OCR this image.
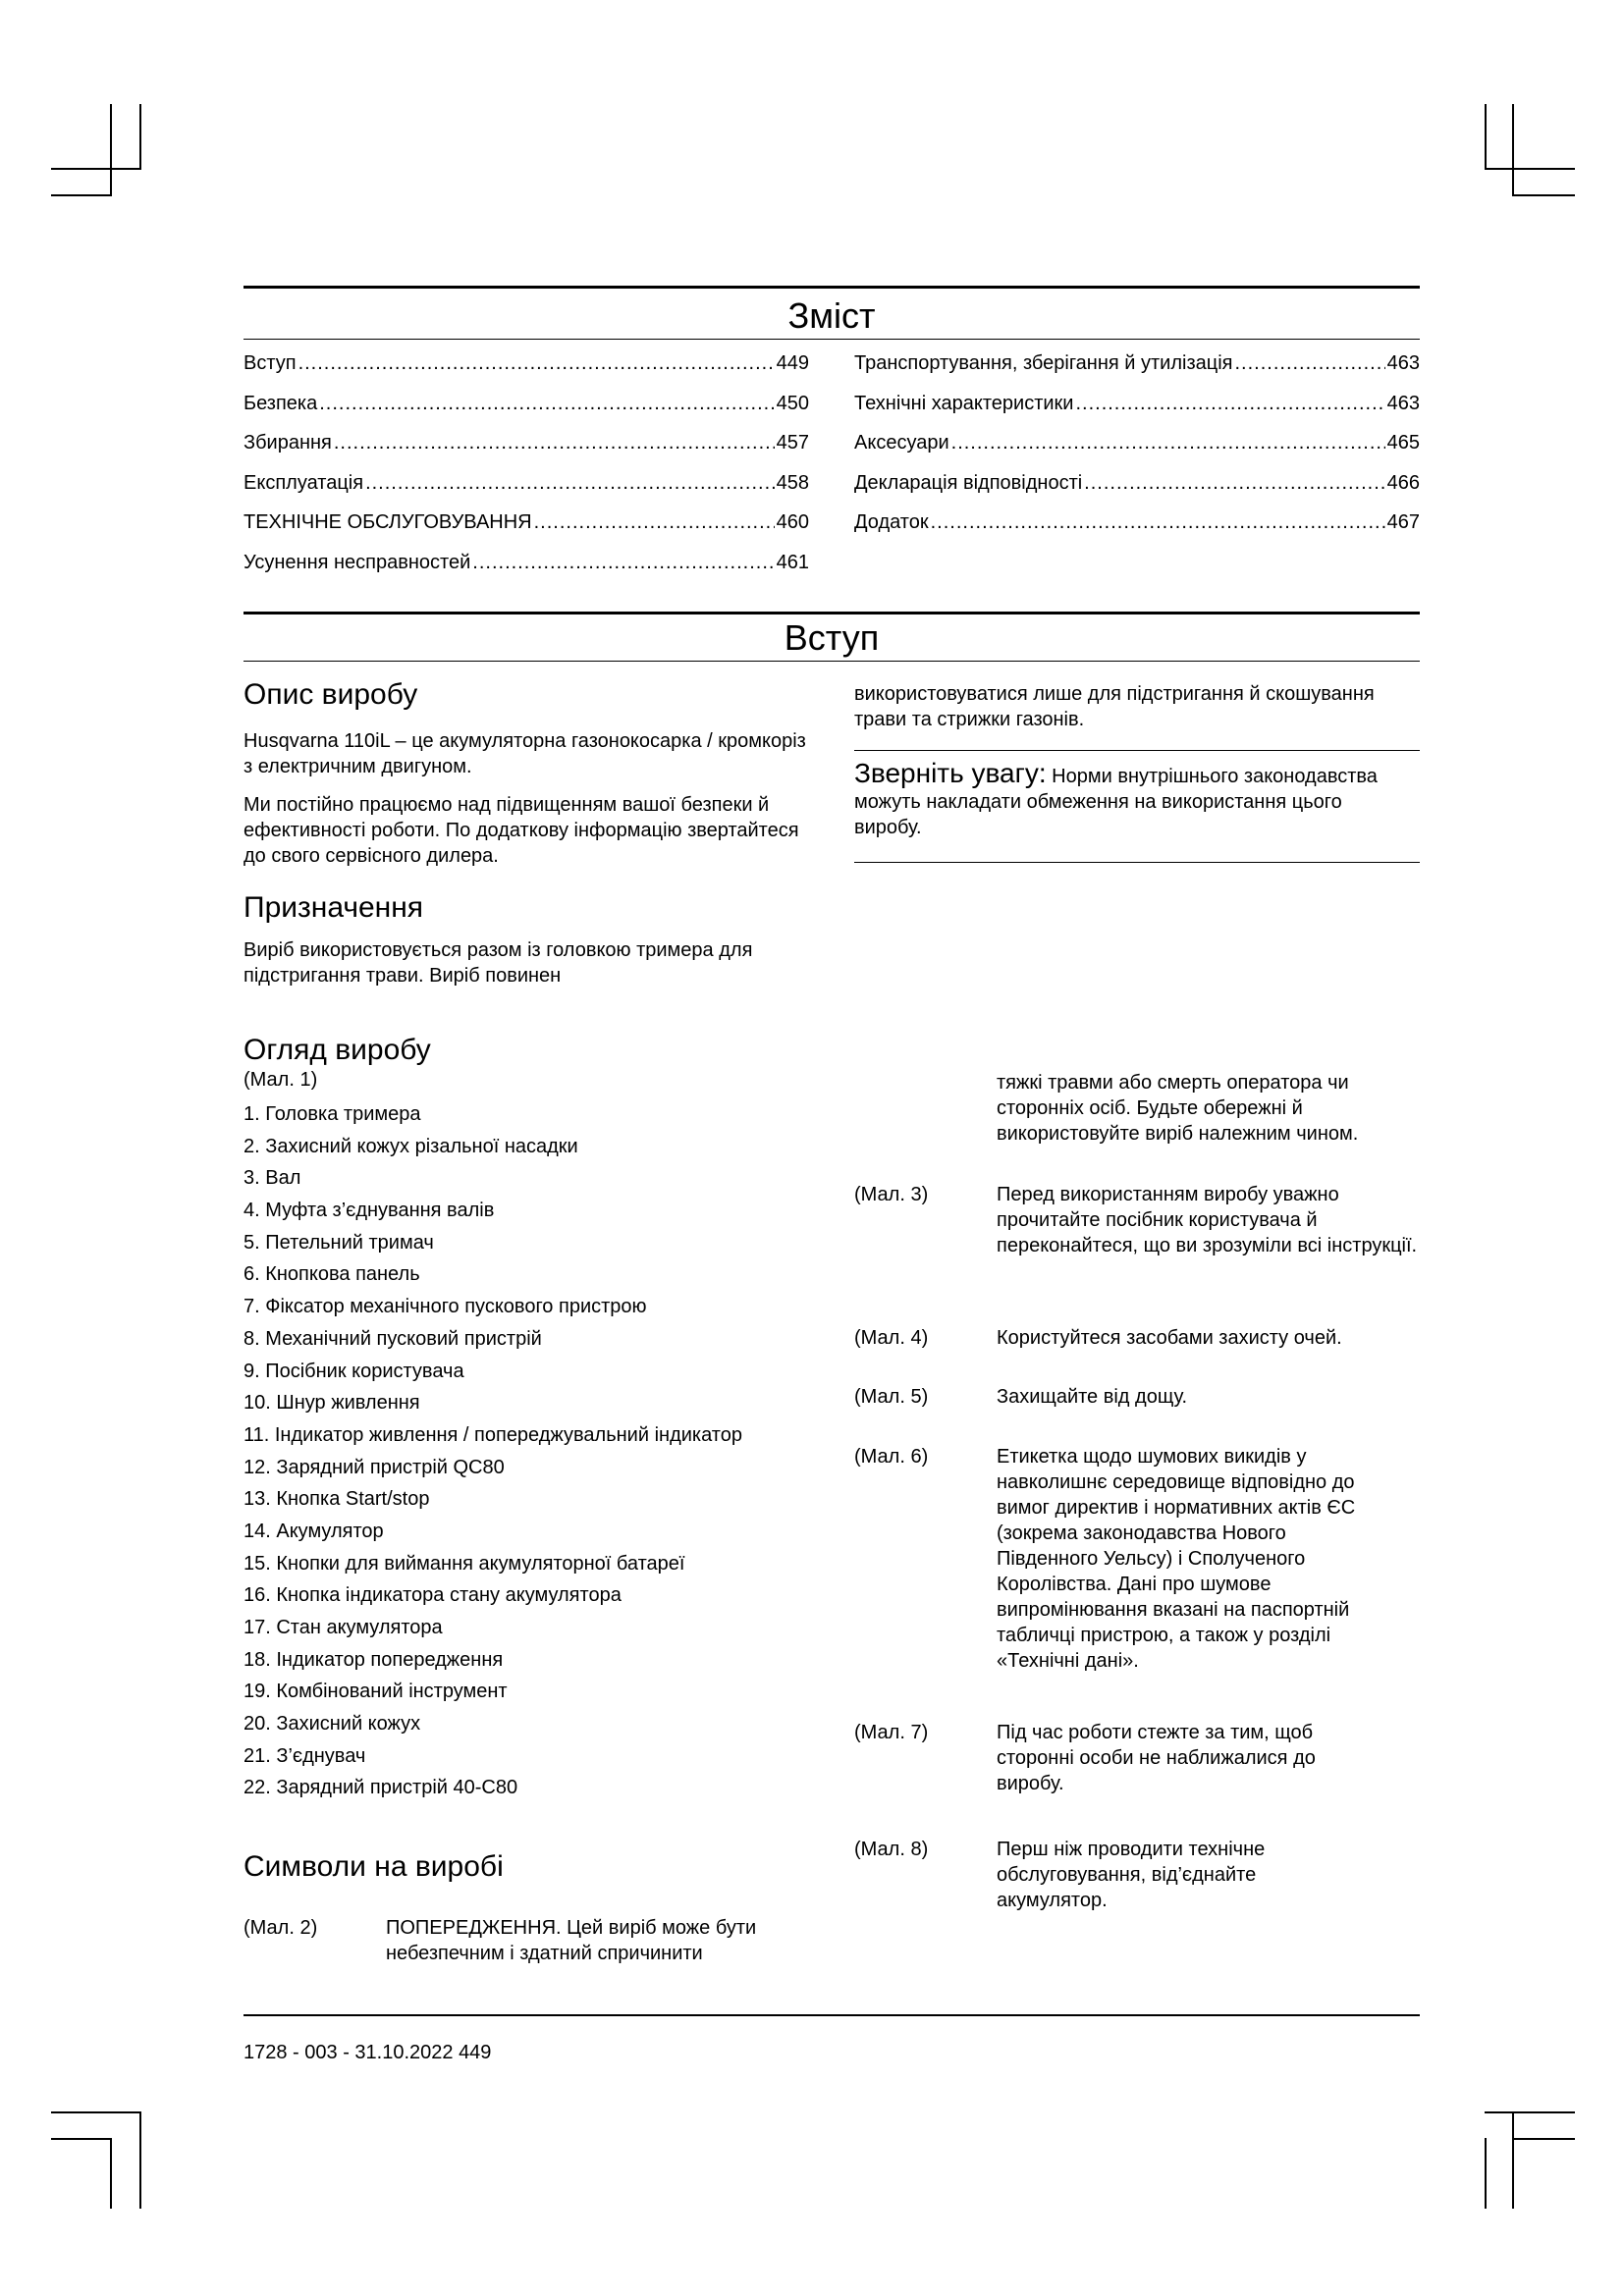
Зміст
Вступ .....	449
Безпека .....	450
Збирання .....	457
Експлуатація .....	458
ТЕХНІЧНЕ ОБСЛУГОВУВАННЯ .....	460
Усунення несправностей .....	461
Транспортування, зберігання й утилізація .....	463
Технічні характеристики .....	463
Аксесуари .....	465
Декларація відповідності .....	466
Додаток .....	467
Вступ
Опис виробу

Husqvarna 110iL – це акумуляторна газонокосарка / кромкоріз з електричним двигуном.

Ми постійно працюємо над підвищенням вашої безпеки й ефективності роботи. По додаткову інформацію звертайтеся до свого сервісного дилера.

Призначення

Виріб використовується разом із головкою тримера для підстригання трави. Виріб повинен

використовуватися лише для підстригання й скошування трави та стрижки газонів.

Зверніть увагу: Норми внутрішнього законодавства можуть накладати обмеження на використання цього виробу.

Огляд виробу

(Мал. 1)

1. Головка тримера
2. Захисний кожух різальної насадки
3. Вал
4. Муфта з’єднування валів
5. Петельний тримач
6. Кнопкова панель
7. Фіксатор механічного пускового пристрою
8. Механічний пусковий пристрій
9. Посібник користувача
10. Шнур живлення
11. Індикатор живлення / попереджувальний індикатор
12. Зарядний пристрій QC80
13. Кнопка Start/stop
14. Акумулятор
15. Кнопки для виймання акумуляторної батареї
16. Кнопка індикатора стану акумулятора
17. Стан акумулятора
18. Індикатор попередження
19. Комбінований інструмент
20. Захисний кожух
21. З’єднувач
22. Зарядний пристрій 40-C80
Символи на виробі
(Мал. 2)	ПОПЕРЕДЖЕННЯ. Цей виріб може бути небезпечним і здатний спричинити

тяжкі травми або смерть оператора чи сторонніх осіб. Будьте обережні й використовуйте виріб належним чином.

(Мал. 3)	Перед використанням виробу уважно прочитайте посібник користувача й переконайтеся, що ви зрозуміли всі інструкції.
(Мал. 4)	Користуйтеся засобами захисту очей.
(Мал. 5)	Захищайте від дощу.
(Мал. 6)	Етикетка щодо шумових викидів у навколишнє середовище відповідно до вимог директив і нормативних актів ЄС (зокрема законодавства Нового Південного Уельсу) і Сполученого Королівства. Дані про шумове випромінювання вказані на паспортній табличці пристрою, а також у розділі «Технічні дані».
(Мал. 7)	Під час роботи стежте за тим, щоб сторонні особи не наближалися до виробу.
(Мал. 8)	Перш ніж проводити технічне обслуговування, від’єднайте акумулятор.
1728 - 003 - 31.10.2022 449
